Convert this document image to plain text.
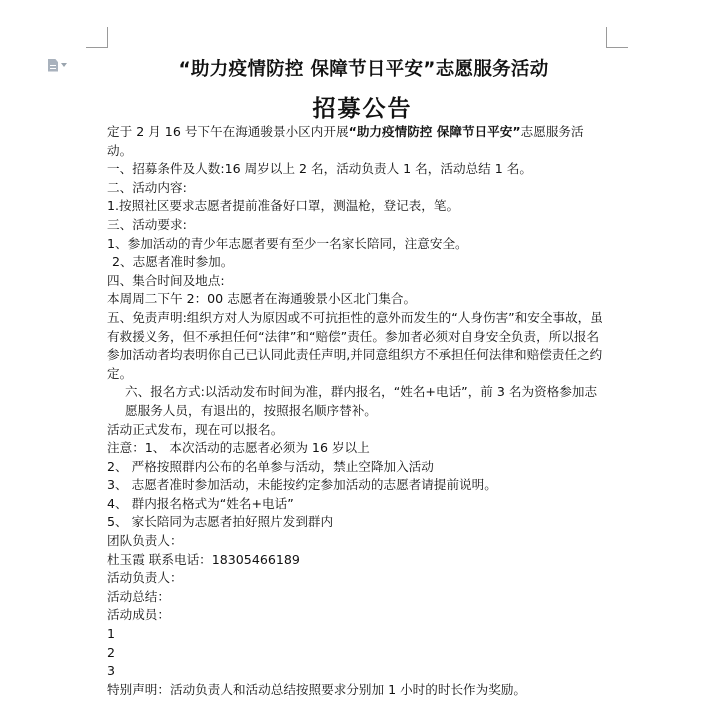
“助力疫情防控 保障节日平安”志愿服务活动
招募公告

定于 2 月 16 号下午在海通骏景小区内开展“助力疫情防控 保障节日平安”志愿服务活动。

一、招募条件及人数:16 周岁以上 2 名，活动负责人 1 名，活动总结 1 名。

二、活动内容:

1.按照社区要求志愿者提前准备好口罩，测温枪，登记表，笔。

三、活动要求:

1、参加活动的青少年志愿者要有至少一名家长陪同，注意安全。

2、志愿者准时参加。

四、集合时间及地点:

本周周二下午 2：00 志愿者在海通骏景小区北门集合。

五、免责声明:组织方对人为原因或不可抗拒性的意外而发生的“人身伤害”和安全事故，虽有救援义务，但不承担任何“法律”和“赔偿”责任。参加者必须对自身安全负责，所以报名参加活动者均表明你自己已认同此责任声明,并同意组织方不承担任何法律和赔偿责任之约定。

六、报名方式:以活动发布时间为准，群内报名，“姓名+电话”，前 3 名为资格参加志愿服务人员，有退出的，按照报名顺序替补。

活动正式发布，现在可以报名。

注意：1、 本次活动的志愿者必须为 16 岁以上

2、 严格按照群内公布的名单参与活动，禁止空降加入活动

3、 志愿者准时参加活动，未能按约定参加活动的志愿者请提前说明。

4、 群内报名格式为“姓名+电话”

5、 家长陪同为志愿者拍好照片发到群内

团队负责人：

杜玉霞 联系电话：18305466189

活动负责人：

活动总结：

活动成员：

1

2

3

特别声明：活动负责人和活动总结按照要求分别加 1 小时的时长作为奖励。
